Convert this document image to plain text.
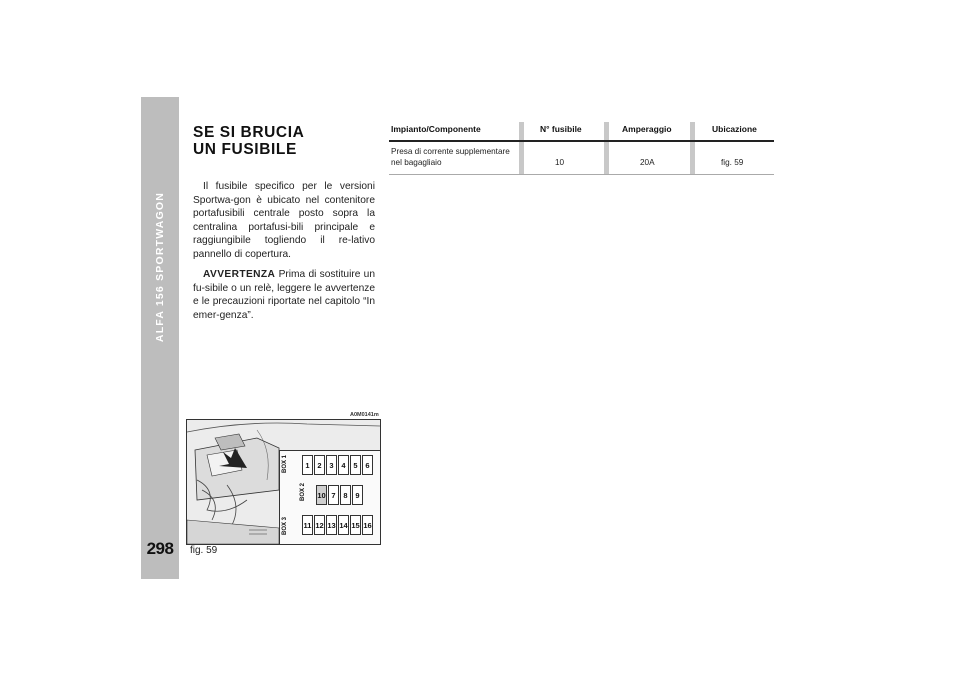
ALFA 156 SPORTWAGON
298
SE SI BRUCIA
UN FUSIBILE

Il fusibile specifico per le versioni Sportwa-gon è ubicato nel contenitore portafusibili centrale posto sopra la centralina portafusi-bili principale e raggiungibile togliendo il re-lativo pannello di copertura.

AVVERTENZA Prima di sostituire un fu-sibile o un relè, leggere le avvertenze e le precauzioni riportate nel capitolo “In emer-genza”.

A0M0141m
BOX 1
BOX 2
BOX 3
1	2	3	4	5	6
10 7	8	9
11 12 13 14 15 16
fig. 59
Impianto/Componente	N° fusibile	Amperaggio	Ubicazione
Presa di corrente supplementare
nel bagagliaio	10	20A	fig. 59
